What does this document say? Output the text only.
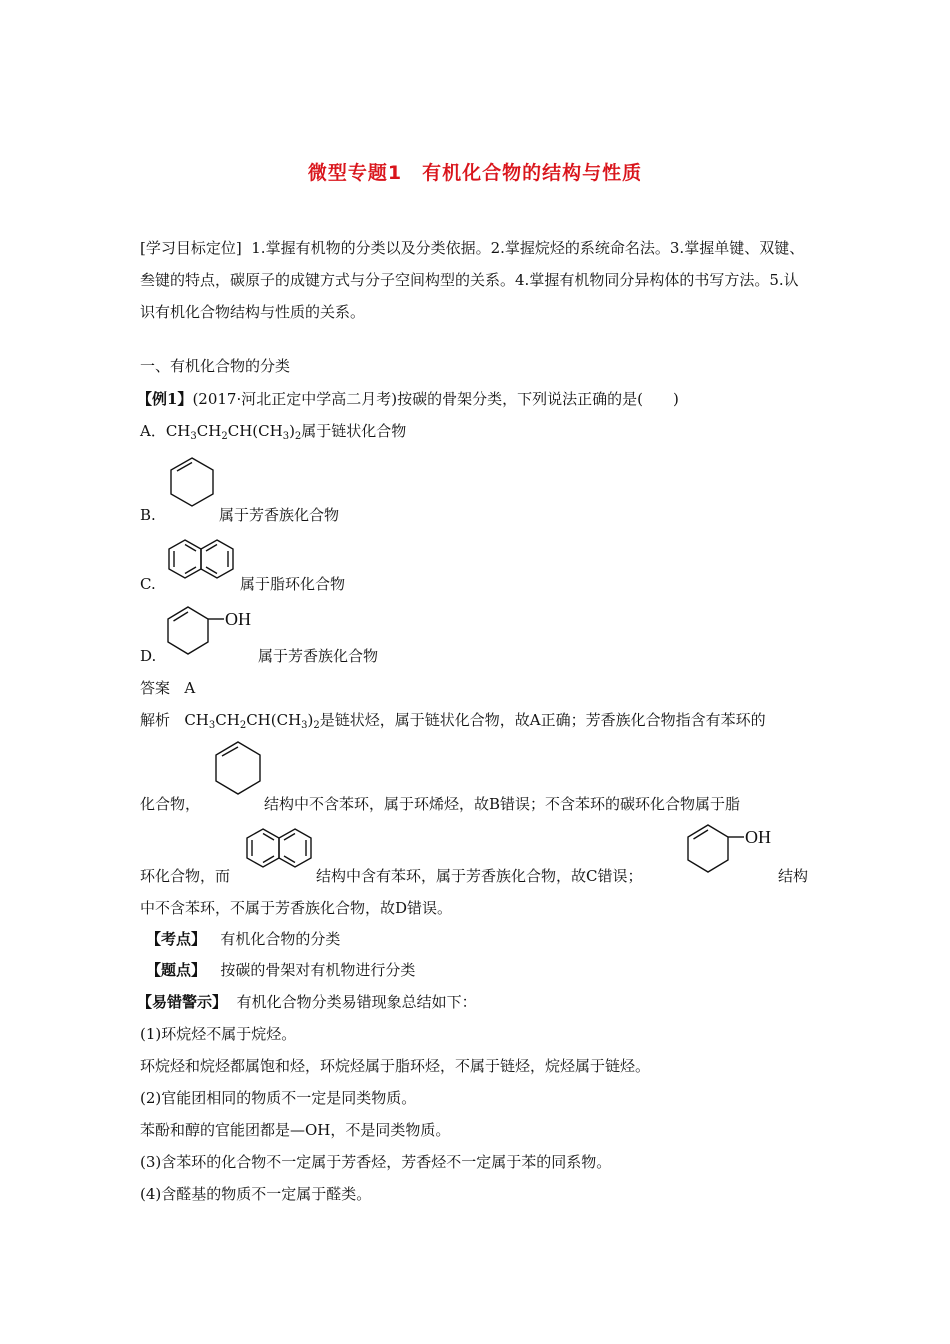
微型专题1　有机化合物的结构与性质
[学习目标定位] 1.掌握有机物的分类以及分类依据。2.掌握烷烃的系统命名法。3.掌握单键、双键、叁键的特点，碳原子的成键方式与分子空间构型的关系。4.掌握有机物同分异构体的书写方法。5.认识有机化合物结构与性质的关系。
一、有机化合物的分类
【例1】(2017·河北正定中学高二月考)按碳的骨架分类，下列说法正确的是(　　)
A．$CH_3CH_2CH(CH_3)_2$属于链状化合物
B.	属于芳香族化合物
C.	属于脂环化合物
OH
D.	属于芳香族化合物
答案 A
解析 $CH_3CH_2CH(CH_3)_2$是链状烃，属于链状化合物，故A正确；芳香族化合物指含有苯环的
化合物，	结构中不含苯环，属于环烯烃，故B错误；不含苯环的碳环化合物属于脂
OH
环化合物，而	结构中含有苯环，属于芳香族化合物，故C错误；	结构
中不含苯环，不属于芳香族化合物，故D错误。
【考点】 有机化合物的分类
【题点】 按碳的骨架对有机物进行分类
【易错警示】 有机化合物分类易错现象总结如下：
(1)环烷烃不属于烷烃。
环烷烃和烷烃都属饱和烃，环烷烃属于脂环烃，不属于链烃，烷烃属于链烃。
(2)官能团相同的物质不一定是同类物质。
苯酚和醇的官能团都是—OH，不是同类物质。
(3)含苯环的化合物不一定属于芳香烃，芳香烃不一定属于苯的同系物。
(4)含醛基的物质不一定属于醛类。
